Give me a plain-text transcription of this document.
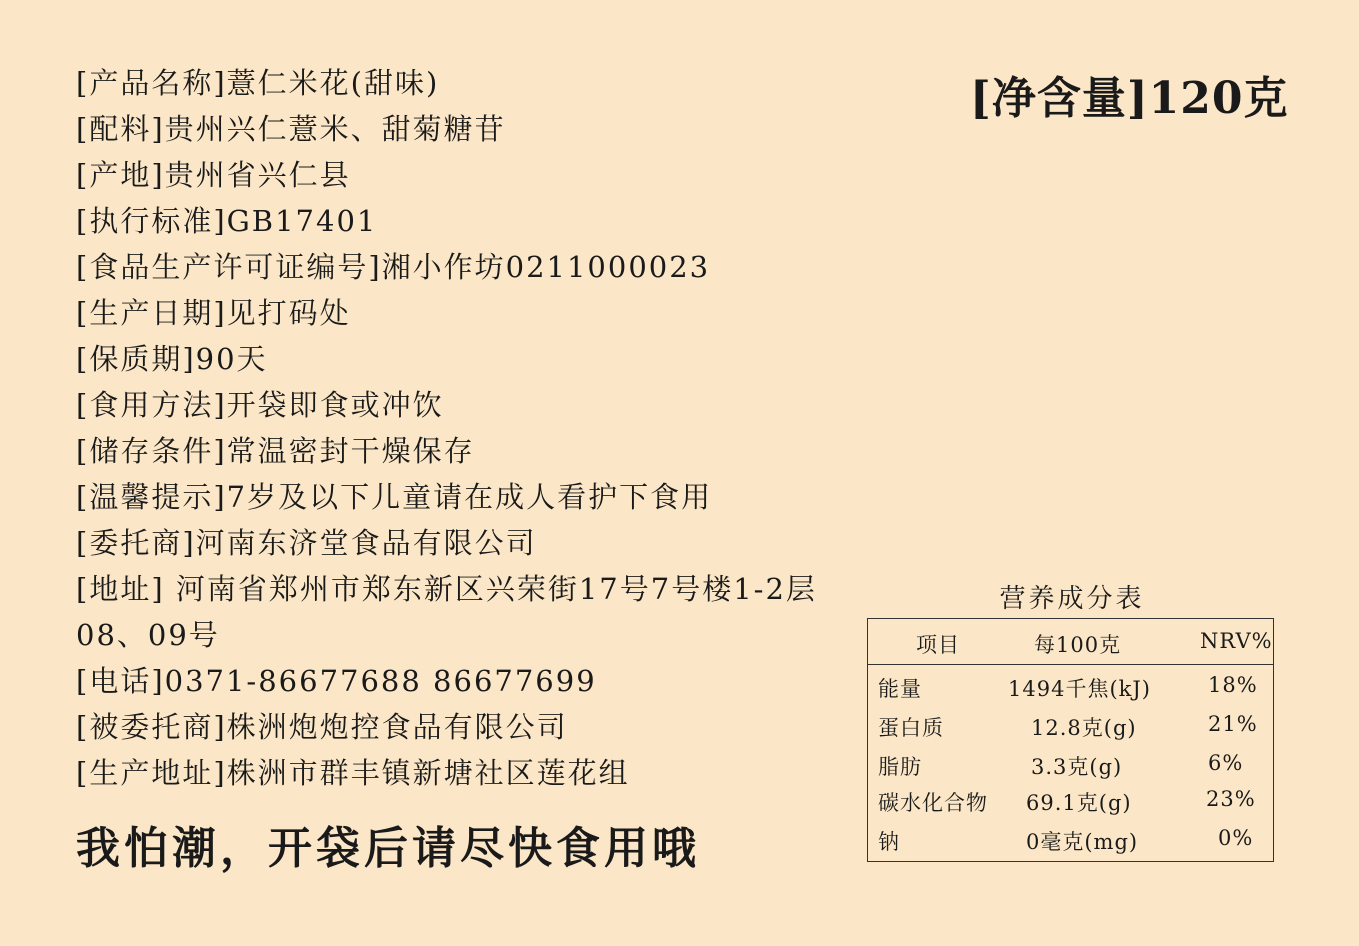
[净含量]120克
[产品名称]薏仁米花(甜味)
[配料]贵州兴仁薏米、甜菊糖苷
[产地]贵州省兴仁县
[执行标准]GB17401
[食品生产许可证编号]湘小作坊0211000023
[生产日期]见打码处
[保质期]90天
[食用方法]开袋即食或冲饮
[储存条件]常温密封干燥保存
[温馨提示]7岁及以下儿童请在成人看护下食用
[委托商]河南东济堂食品有限公司
[地址] 河南省郑州市郑东新区兴荣街17号7号楼1-2层08、09号
[电话]0371-86677688 86677699
[被委托商]株洲炮炮控食品有限公司
[生产地址]株洲市群丰镇新塘社区莲花组
我怕潮，开袋后请尽快食用哦
营养成分表
项目	每100克	NRV%
能量	1494千焦(kJ)	18%
蛋白质	12.8克(g)	21%
脂肪	3.3克(g)	6%
碳水化合物 69.1克(g)	23%
钠	0毫克(mg)	0%
